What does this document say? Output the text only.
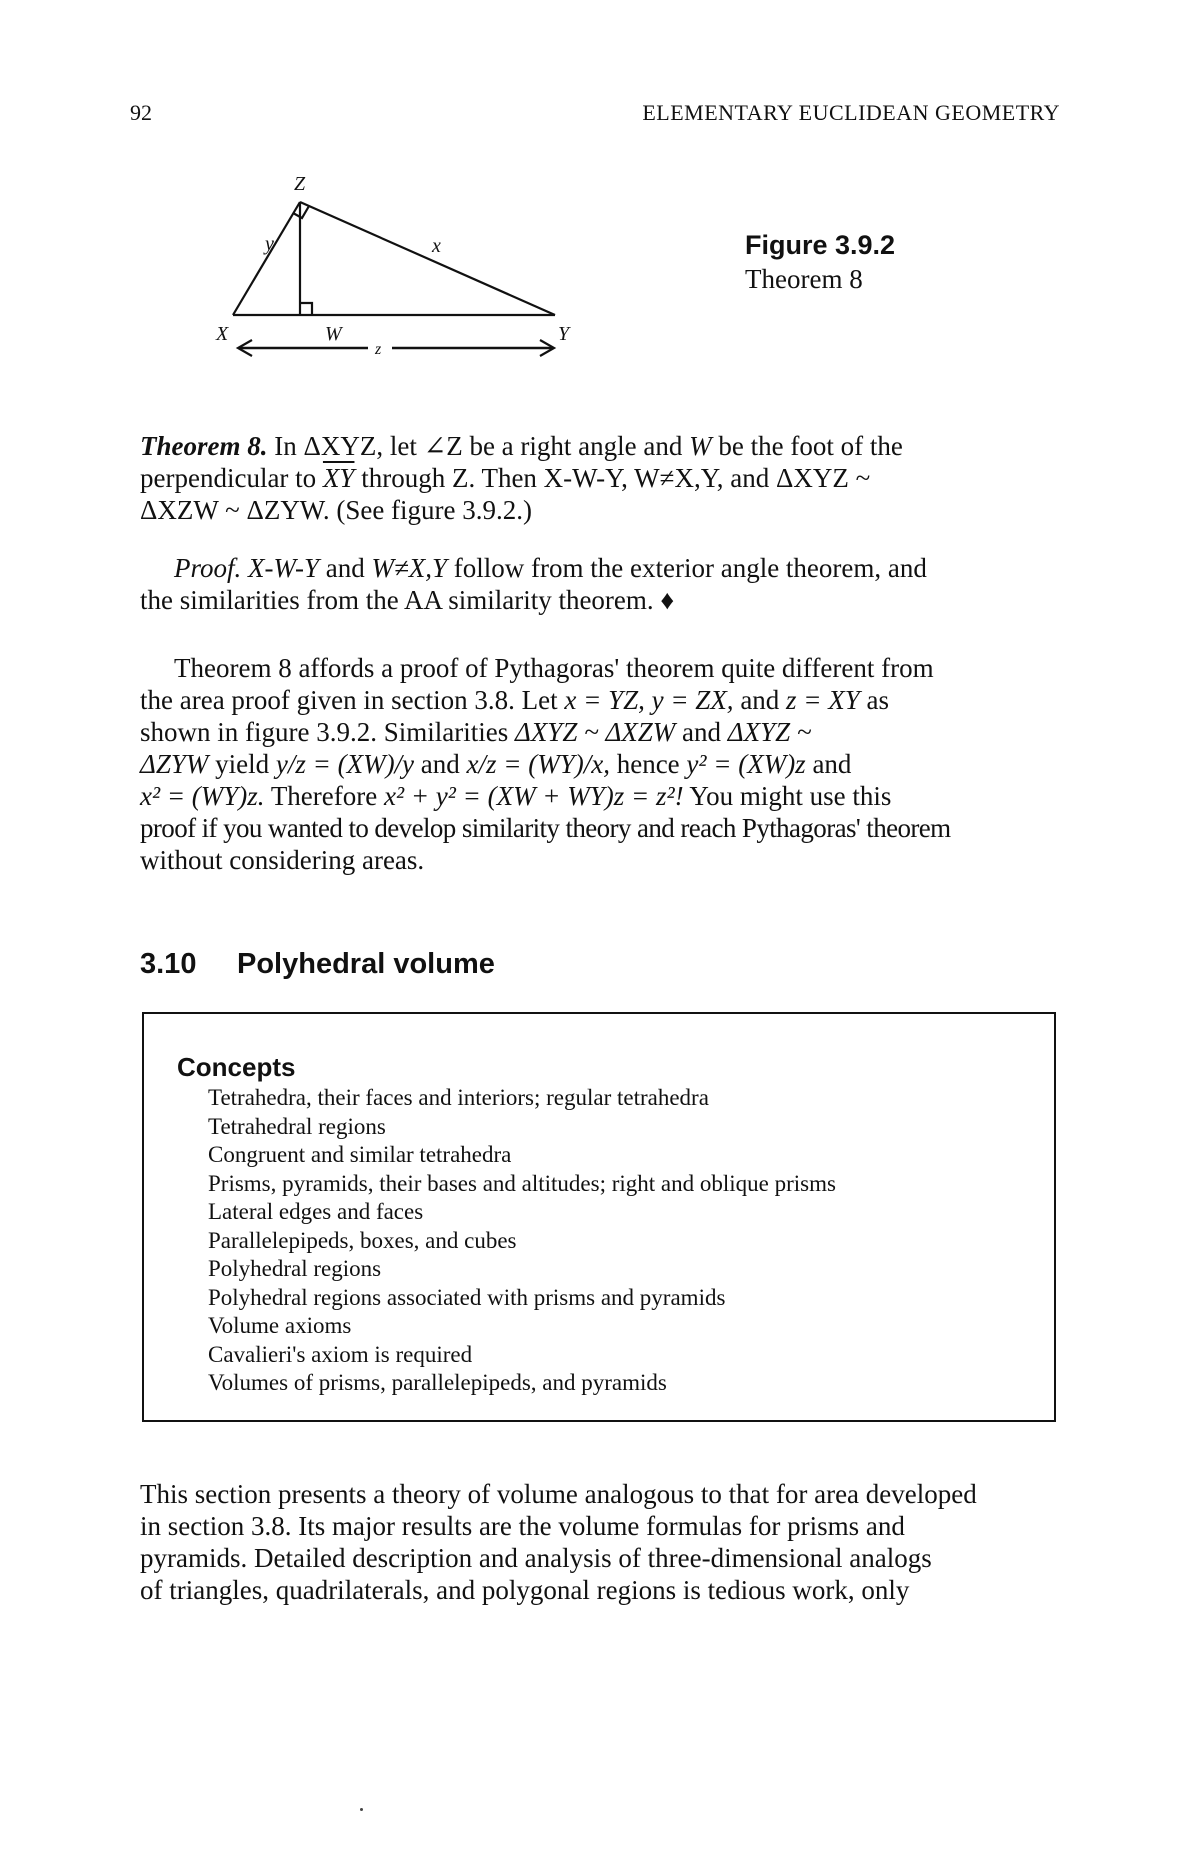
92	ELEMENTARY EUCLIDEAN GEOMETRY
Z
X	Y
W
y	x
z
Figure 3.9.2
Theorem 8

Theorem 8. In ΔXYZ, let ∠Z be a right angle and W be the foot of the

perpendicular to $\overline{XY}$ through Z. Then X-W-Y, W≠X,Y, and ΔXYZ ~

ΔXZW ~ ΔZYW. (See figure 3.9.2.)

Proof. X-W-Y and W≠X,Y follow from the exterior angle theorem, and

the similarities from the AA similarity theorem. ♦

Theorem 8 affords a proof of Pythagoras' theorem quite different from

the area proof given in section 3.8. Let x = YZ, y = ZX, and z = XY as

shown in figure 3.9.2. Similarities ΔXYZ ~ ΔXZW and ΔXYZ ~

ΔZYW yield y/z = (XW)/y and x/z = (WY)/x, hence y² = (XW)z and

x² = (WY)z. Therefore x² + y² = (XW + WY)z = z²! You might use this

proof if you wanted to develop similarity theory and reach Pythagoras' theorem

without considering areas.

3.10 Polyhedral volume
Concepts
Tetrahedra, their faces and interiors; regular tetrahedra
Tetrahedral regions
Congruent and similar tetrahedra
Prisms, pyramids, their bases and altitudes; right and oblique prisms
Lateral edges and faces
Parallelepipeds, boxes, and cubes
Polyhedral regions
Polyhedral regions associated with prisms and pyramids
Volume axioms
Cavalieri's axiom is required
Volumes of prisms, parallelepipeds, and pyramids

This section presents a theory of volume analogous to that for area developed

in section 3.8. Its major results are the volume formulas for prisms and

pyramids. Detailed description and analysis of three-dimensional analogs

of triangles, quadrilaterals, and polygonal regions is tedious work, only
